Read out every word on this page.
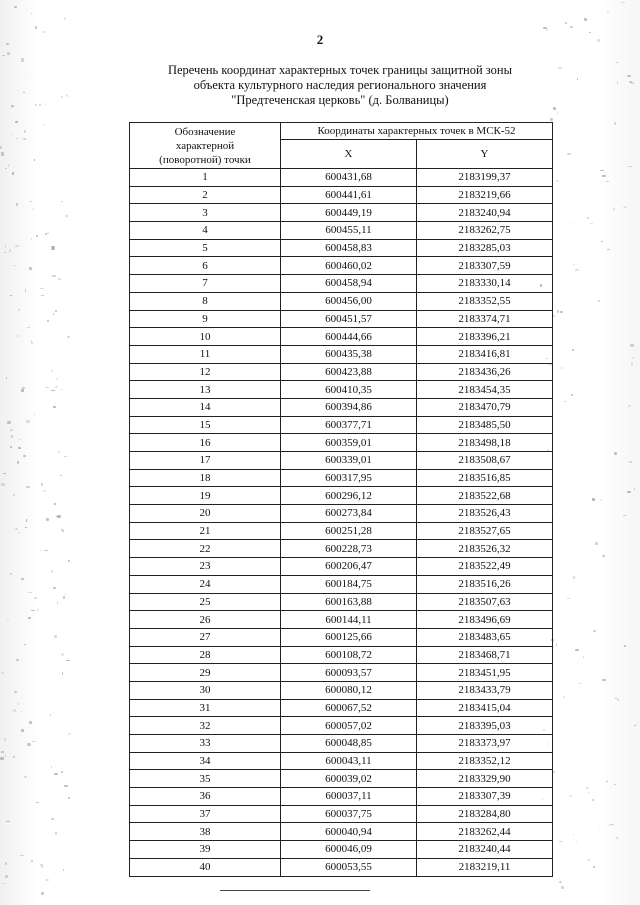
2
Перечень координат характерных точек границы защитной зоны
объекта культурного наследия регионального значения
"Предтеченская церковь" (д. Болваницы)
Обозначение
характерной
(поворотной) точки	Координаты характерных точек в МСК-52	
	X	Y
1	600431,68	2183199,37
2	600441,61	2183219,66
3	600449,19	2183240,94
4	600455,11	2183262,75
5	600458,83	2183285,03
6	600460,02	2183307,59
7	600458,94	2183330,14
8	600456,00	2183352,55
9	600451,57	2183374,71
10	600444,66	2183396,21
11	600435,38	2183416,81
12	600423,88	2183436,26
13	600410,35	2183454,35
14	600394,86	2183470,79
15	600377,71	2183485,50
16	600359,01	2183498,18
17	600339,01	2183508,67
18	600317,95	2183516,85
19	600296,12	2183522,68
20	600273,84	2183526,43
21	600251,28	2183527,65
22	600228,73	2183526,32
23	600206,47	2183522,49
24	600184,75	2183516,26
25	600163,88	2183507,63
26	600144,11	2183496,69
27	600125,66	2183483,65
28	600108,72	2183468,71
29	600093,57	2183451,95
30	600080,12	2183433,79
31	600067,52	2183415,04
32	600057,02	2183395,03
33	600048,85	2183373,97
34	600043,11	2183352,12
35	600039,02	2183329,90
36	600037,11	2183307,39
37	600037,75	2183284,80
38	600040,94	2183262,44
39	600046,09	2183240,44
40	600053,55	2183219,11
